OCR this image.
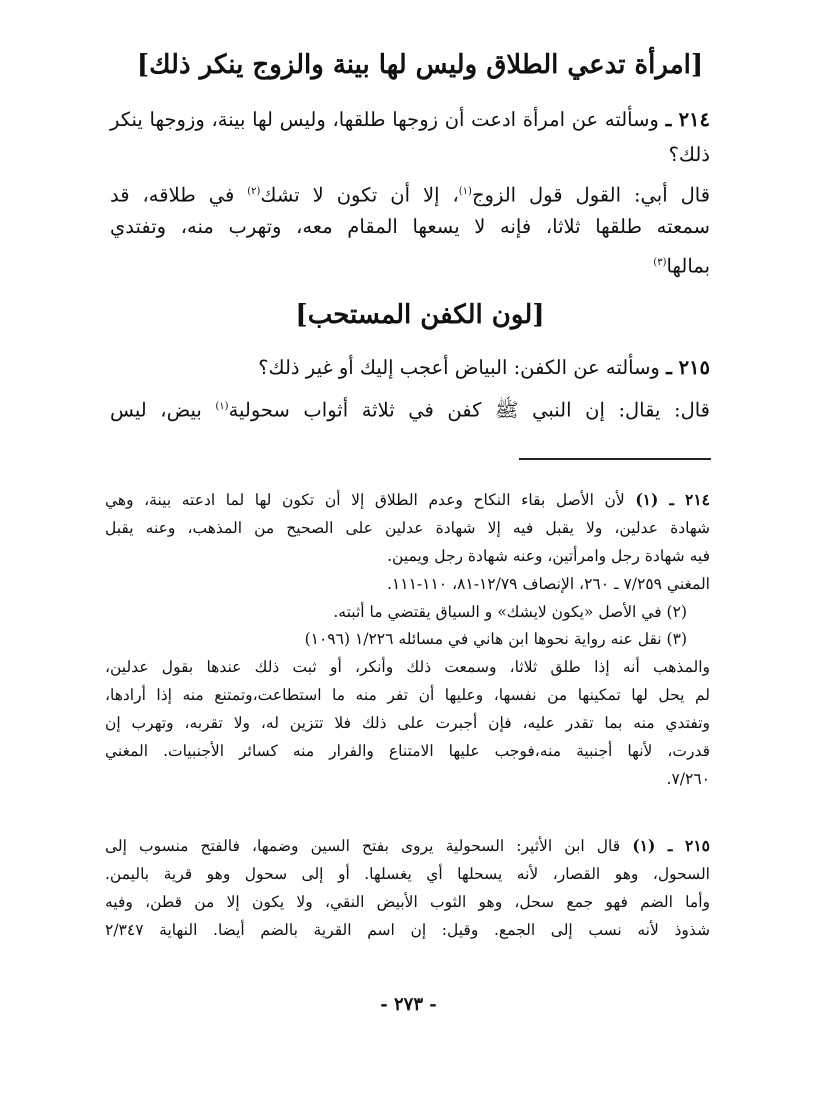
[امرأة تدعي الطلاق وليس لها بينة والزوج ينكر ذلك]
٢١٤ ـ وسألته عن امرأة ادعت أن زوجها طلقها، وليس لها بينة، وزوجها ينكر
ذلك؟
قال أبي: القول قول الزوج$^{(١)}$، إلا أن تكون لا تشك$^{(٢)}$ في طلاقه، قد
سمعته طلقها ثلاثا، فإنه لا يسعها المقام معه، وتهرب منه، وتفتدي
بمالها$^{(٣)}$
[لون الكفن المستحب]
٢١٥ ـ وسألته عن الكفن: البياض أعجب إليك أو غير ذلك؟
قال: يقال: إن النبي ﷺ كفن في ثلاثة أثواب سحولية$^{(١)}$ بيض، ليس
٢١٤ ـ (١) لأن الأصل بقاء النكاح وعدم الطلاق إلا أن تكون لها لما ادعته بينة، وهي
شهادة عدلين، ولا يقبل فيه إلا شهادة عدلين على الصحيح من المذهب، وعنه يقبل
فيه شهادة رجل وامرأتين، وعنه شهادة رجل ويمين.
المغني ٧/٢٥٩ ـ ٢٦٠، الإنصاف ١٢/٧٩-٨١، ١١٠-١١١.
(٢) في الأصل «يكون لايشك» و السياق يقتضي ما أثبته.
(٣) نقل عنه رواية نحوها ابن هاني في مسائله ١/٢٢٦ (١٠٩٦)
والمذهب أنه إذا طلق ثلاثا، وسمعت ذلك وأنكر، أو ثبت ذلك عندها بقول عدلين،
لم يحل لها تمكينها من نفسها، وعليها أن تفر منه ما استطاعت،وتمتنع منه إذا أرادها،
وتفتدي منه بما تقدر عليه، فإن أجبرت على ذلك فلا تتزين له، ولا تقربه، وتهرب إن
قدرت، لأنها أجنبية منه،فوجب عليها الامتناع والفرار منه كسائر الأجنبيات. المغني
٧/٢٦٠.
٢١٥ ـ (١) قال ابن الأثير: السحولية يروى بفتح السين وضمها، فالفتح منسوب إلى
السحول، وهو القصار، لأنه يسحلها أي يغسلها. أو إلى سحول وهو قرية باليمن.
وأما الضم فهو جمع سحل، وهو الثوب الأبيض النقي، ولا يكون إلا من قطن، وفيه
شذوذ لأنه نسب إلى الجمع. وقيل: إن اسم القرية بالضم أيضا. النهاية ٢/٣٤٧
- ٢٧٣ -
